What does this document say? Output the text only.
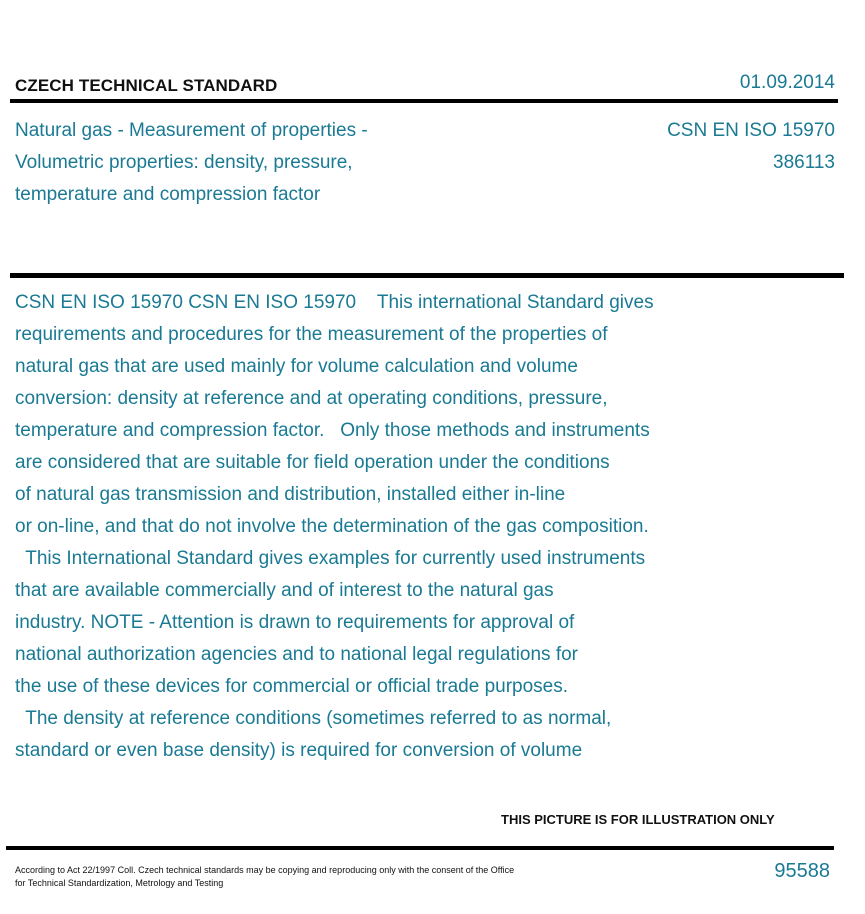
CZECH TECHNICAL STANDARD	01.09.2014
Natural gas - Measurement of properties -
Volumetric properties: density, pressure,
temperature and compression factor
CSN EN ISO 15970
386113
CSN EN ISO 15970 CSN EN ISO 15970    This international Standard gives
requirements and procedures for the measurement of the properties of
natural gas that are used mainly for volume calculation and volume
conversion: density at reference and at operating conditions, pressure,
temperature and compression factor.   Only those methods and instruments
are considered that are suitable for field operation under the conditions
of natural gas transmission and distribution, installed either in-line
or on-line, and that do not involve the determination of the gas composition.
This International Standard gives examples for currently used instruments
that are available commercially and of interest to the natural gas
industry. NOTE - Attention is drawn to requirements for approval of
national authorization agencies and to national legal regulations for
the use of these devices for commercial or official trade purposes.
The density at reference conditions (sometimes referred to as normal,
standard or even base density) is required for conversion of volume
THIS PICTURE IS FOR ILLUSTRATION ONLY
According to Act 22/1997 Coll. Czech technical standards may be copying and reproducing only with the consent of the Office
for Technical Standardization, Metrology and Testing
95588
